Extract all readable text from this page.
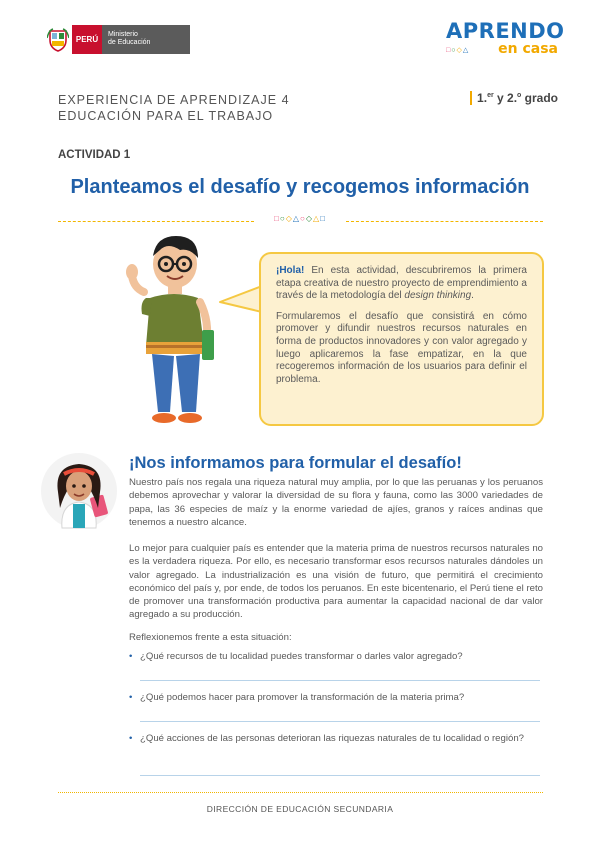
PERÚ
Ministerio
de Educación	APRENDO
en casa
□○◇△
EXPERIENCIA DE APRENDIZAJE 4
EDUCACIÓN PARA EL TRABAJO
1.$^{er}$ y 2.$^o$ grado
ACTIVIDAD 1
Planteamos el desafío y recogemos información
□○◇△○◇△□

¡Hola! En esta actividad, descubriremos la primera etapa creativa de nuestro proyecto de emprendimiento a través de la metodología del design thinking.

Formularemos el desafío que consistirá en cómo promover y difundir nuestros recursos naturales en forma de productos innovadores y con valor agregado y luego aplicaremos la fase empatizar, en la que recogeremos información de los usuarios para definir el problema.

¡Nos informamos para formular el desafío!

Nuestro país nos regala una riqueza natural muy amplia, por lo que las peruanas y los peruanos debemos aprovechar y valorar la diversidad de su flora y fauna, como las 3000 variedades de papa, las 36 especies de maíz y la enorme variedad de ajíes, granos y raíces andinas que tenemos a nuestro alcance.

Lo mejor para cualquier país es entender que la materia prima de nuestros recursos naturales no es la verdadera riqueza. Por ello, es necesario transformar esos recursos naturales dándoles un valor agregado. La industrialización es una visión de futuro, que permitirá el crecimiento económico del país y, por ende, de todos los peruanos. En este bicentenario, el Perú tiene el reto de promover una transformación productiva para aumentar la capacidad nacional de dar valor agregado a su producción.

Reflexionemos frente a esta situación:

• ¿Qué recursos de tu localidad puedes transformar o darles valor agregado?
• ¿Qué podemos hacer para promover la transformación de la materia prima?
• ¿Qué acciones de las personas deterioran las riquezas naturales de tu localidad o región?
DIRECCIÓN DE EDUCACIÓN SECUNDARIA
